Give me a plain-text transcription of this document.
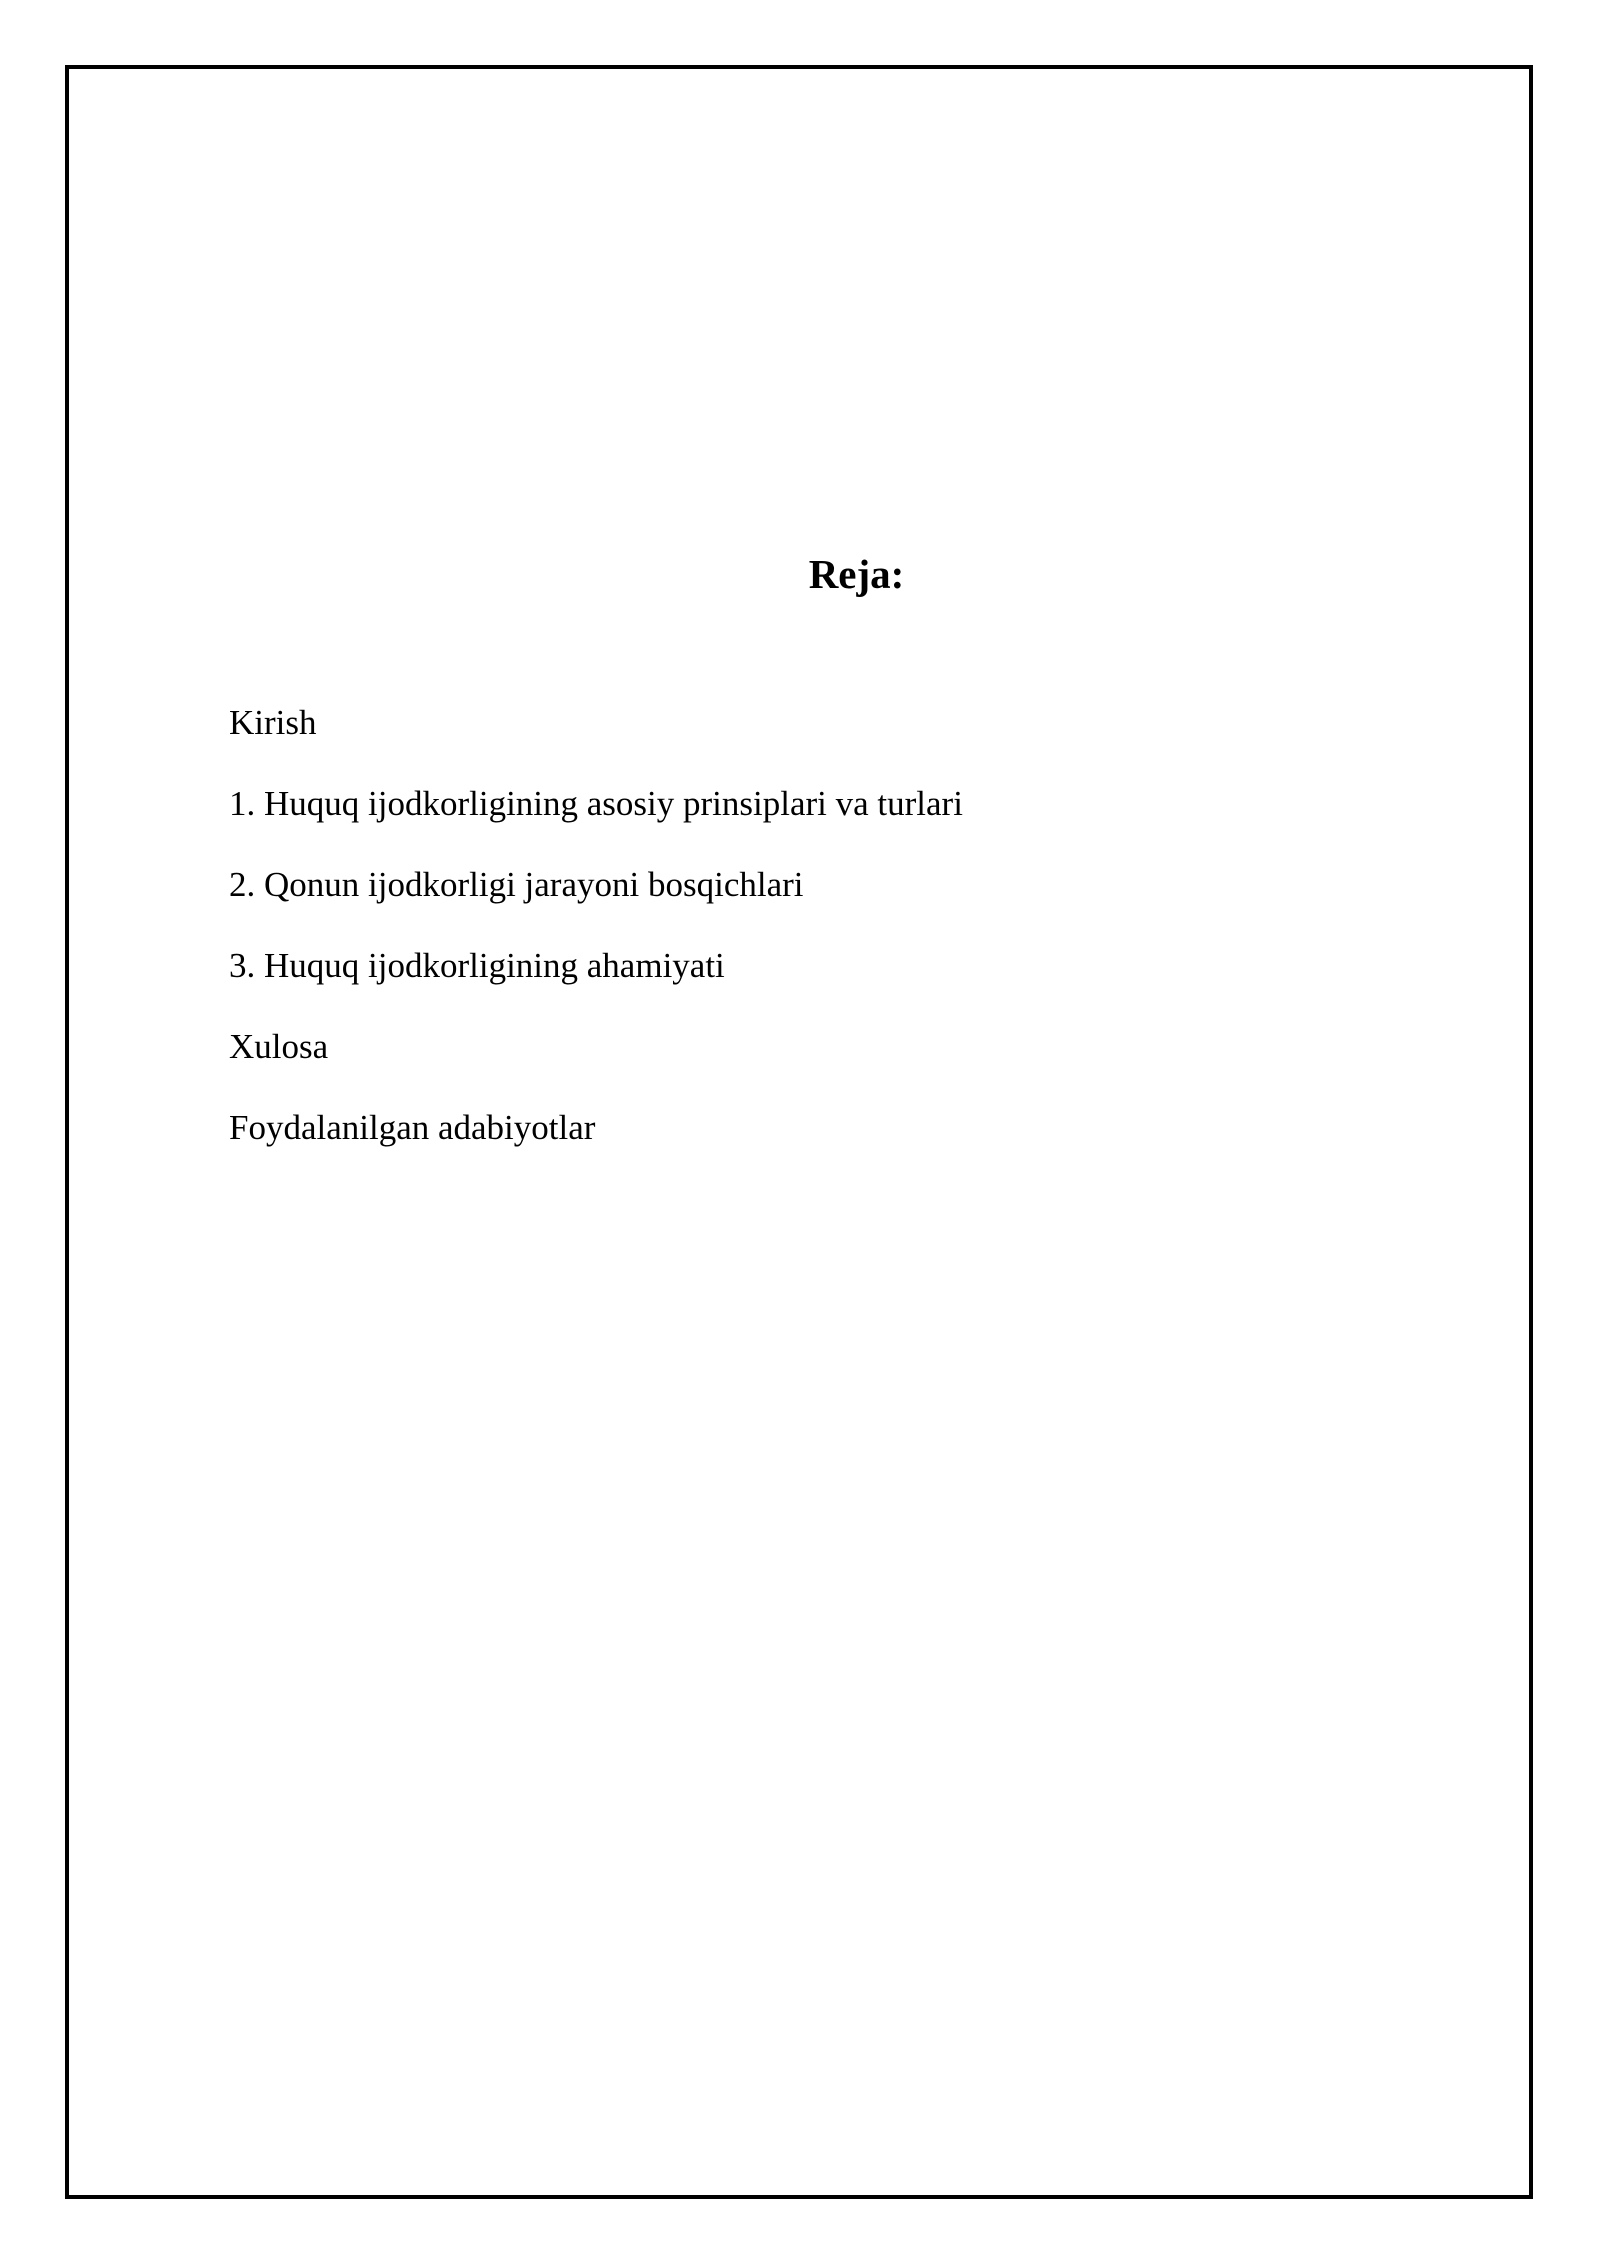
Reja:
Kirish
1. Huquq ijodkorligining asosiy prinsiplari va turlari
2. Qonun ijodkorligi jarayoni bosqichlari
3. Huquq ijodkorligining ahamiyati
Xulosa
Foydalanilgan adabiyotlar
